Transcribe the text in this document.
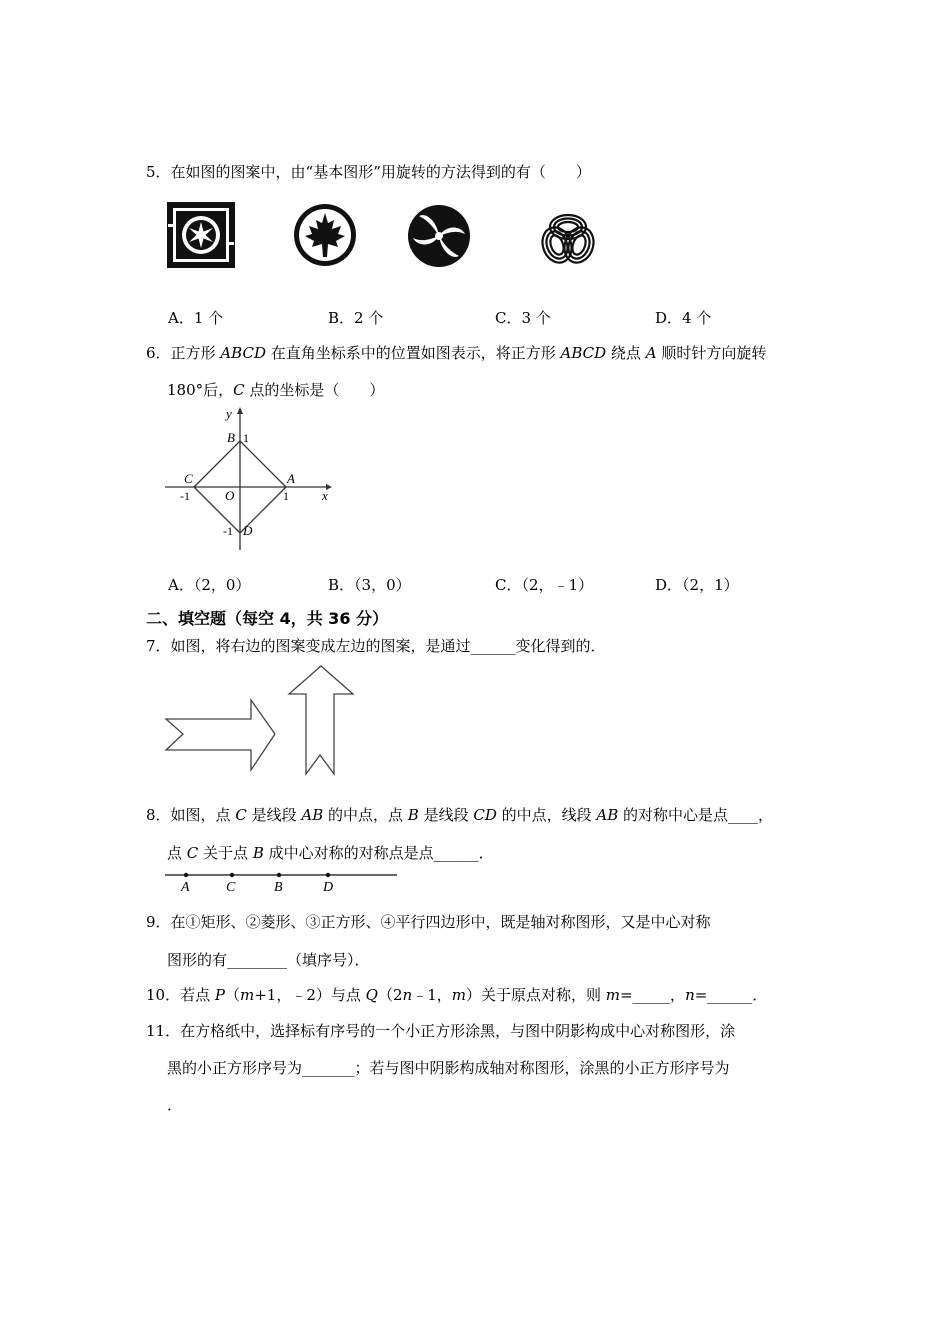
5．在如图的图案中，由“基本图形”用旋转的方法得到的有（　　）
A．1 个	B．2 个	C．3 个	D．4 个
6．正方形 ABCD 在直角坐标系中的位置如图表示，将正方形 ABCD 绕点 A 顺时针方向旋转
180°后，C 点的坐标是（　　）
y
x
B 1
A
1
C
-1	O
-1 D
A．（2，0）	B．（3，0）	C．（2，﹣1）	D．（2，1）
二、填空题（每空 4，共 36 分）
7．如图，将右边的图案变成左边的图案，是通过______变化得到的．
8．如图，点 C 是线段 AB 的中点，点 B 是线段 CD 的中点，线段 AB 的对称中心是点____，
点 C 关于点 B 成中心对称的对称点是点______．
A	C	B	D
9．在①矩形、②菱形、③正方形、④平行四边形中，既是轴对称图形，又是中心对称
图形的有________（填序号）．
10．若点 P（m+1，﹣2）与点 Q（2n﹣1，m）关于原点对称，则 m=_____，n=______．
11．在方格纸中，选择标有序号的一个小正方形涂黑，与图中阴影构成中心对称图形，涂
黑的小正方形序号为_______；若与图中阴影构成轴对称图形，涂黑的小正方形序号为
．
